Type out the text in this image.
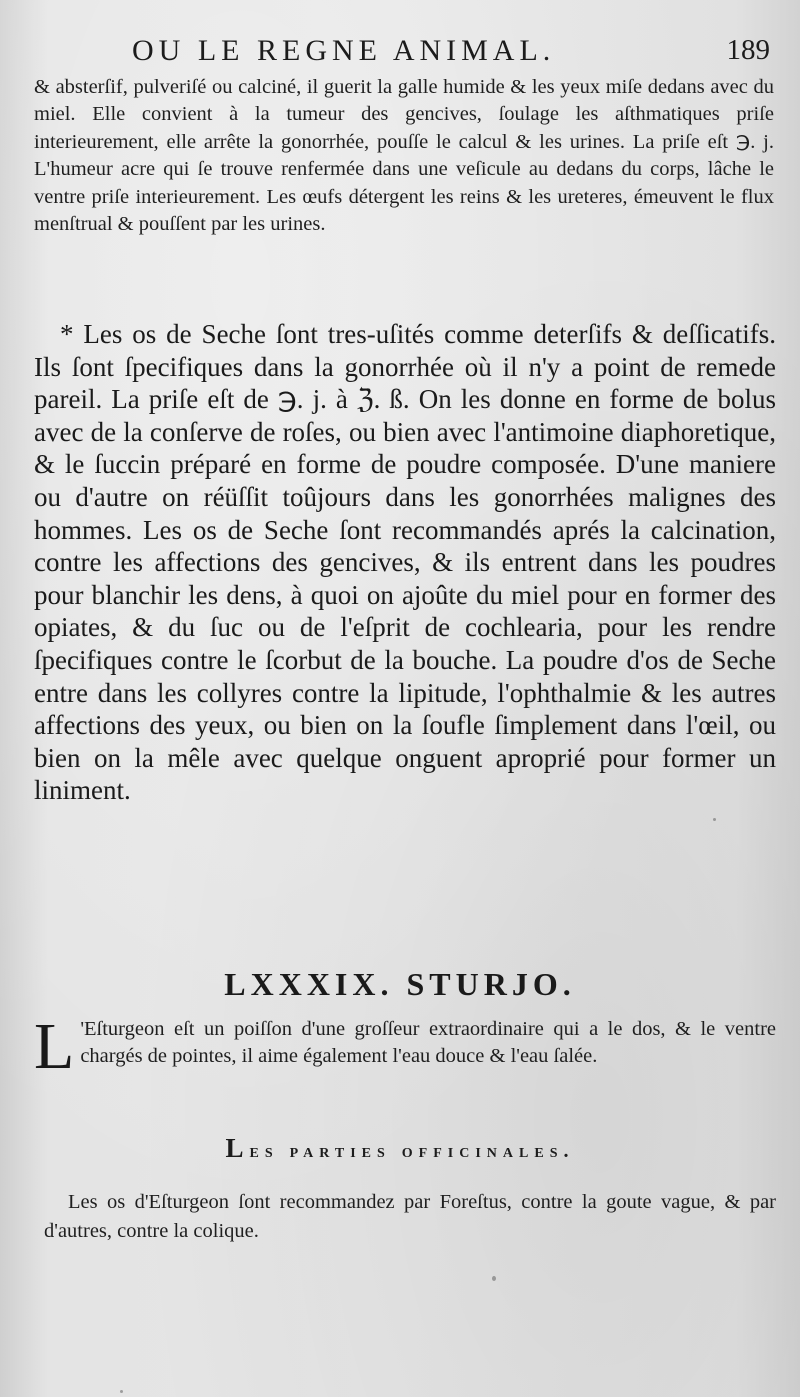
OU LE REGNE ANIMAL.	189

& absterſif, pulveriſé ou calciné, il guerit la galle humide & les yeux miſe dedans avec du miel. Elle convient à la tumeur des gencives, ſoulage les aſthmatiques priſe interieurement, elle arrête la gonorrhée, pouſſe le calcul & les urines. La priſe eſt ℈. j. L'humeur acre qui ſe trouve renfermée dans une veſicule au dedans du corps, lâche le ventre priſe interieurement. Les œufs détergent les reins & les ureteres, émeuvent le flux menſtrual & pouſſent par les urines.

* Les os de Seche ſont tres-uſités comme deterſifs & deſſicatifs. Ils ſont ſpecifiques dans la gonorrhée où il n'y a point de remede pareil. La priſe eſt de ℈. j. à ℨ. ß. On les donne en forme de bolus avec de la conſerve de roſes, ou bien avec l'antimoine diaphoretique, & le ſuccin préparé en forme de poudre composée. D'une maniere ou d'autre on réüſſit toûjours dans les gonorrhées malignes des hommes. Les os de Seche ſont recommandés aprés la calcination, contre les affections des gencives, & ils entrent dans les poudres pour blanchir les dens, à quoi on ajoûte du miel pour en former des opiates, & du ſuc ou de l'eſprit de cochlearia, pour les rendre ſpecifiques contre le ſcorbut de la bouche. La poudre d'os de Seche entre dans les collyres contre la lipitude, l'ophthalmie & les autres affections des yeux, ou bien on la ſoufle ſimplement dans l'œil, ou bien on la mêle avec quelque onguent aproprié pour former un liniment.

LXXXIX. STURJO.

L 'Eſturgeon eſt un poiſſon d'une groſſeur extraordinaire qui a le dos, & le ventre chargés de pointes, il aime également l'eau douce & l'eau ſalée.

Les parties officinales.

Les os d'Eſturgeon ſont recommandez par Foreſtus, contre la goute vague, & par d'autres, contre la colique.
